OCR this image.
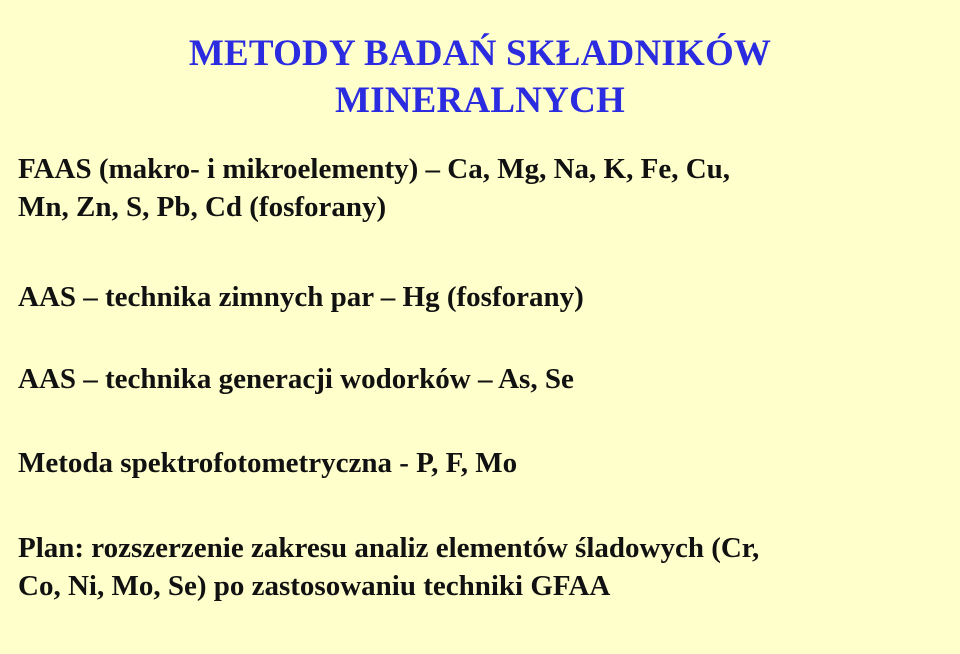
METODY BADAŃ SKŁADNIKÓW
MINERALNYCH
FAAS (makro- i mikroelementy) – Ca, Mg, Na, K, Fe, Cu,
Mn, Zn, S, Pb, Cd (fosforany)
AAS – technika zimnych par – Hg (fosforany)
AAS – technika generacji wodorków – As, Se
Metoda spektrofotometryczna - P, F, Mo
Plan: rozszerzenie zakresu analiz elementów śladowych (Cr,
Co, Ni, Mo, Se) po zastosowaniu techniki GFAA
